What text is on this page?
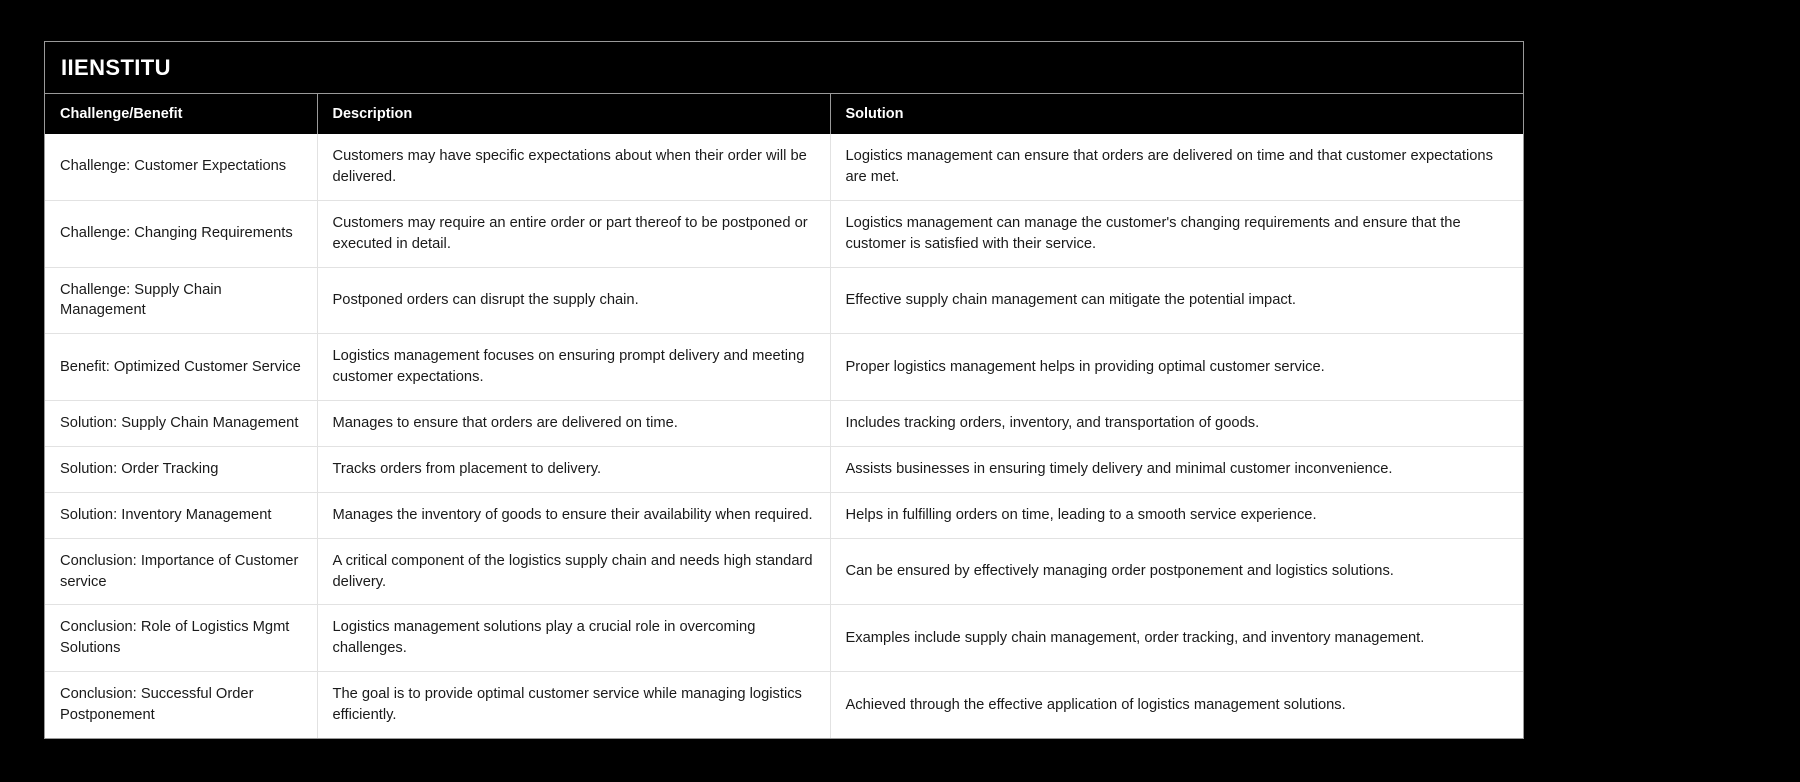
IIENSTITU
Challenge/Benefit	Description	Solution
Challenge: Customer Expectations	Customers may have specific expectations about when their order will be delivered.	Logistics management can ensure that orders are delivered on time and that customer expectations are met.
Challenge: Changing Requirements	Customers may require an entire order or part thereof to be postponed or executed in detail.	Logistics management can manage the customer's changing requirements and ensure that the customer is satisfied with their service.
Challenge: Supply Chain Management	Postponed orders can disrupt the supply chain.	Effective supply chain management can mitigate the potential impact.
Benefit: Optimized Customer Service	Logistics management focuses on ensuring prompt delivery and meeting customer expectations.	Proper logistics management helps in providing optimal customer service.
Solution: Supply Chain Management	Manages to ensure that orders are delivered on time.	Includes tracking orders, inventory, and transportation of goods.
Solution: Order Tracking	Tracks orders from placement to delivery.	Assists businesses in ensuring timely delivery and minimal customer inconvenience.
Solution: Inventory Management	Manages the inventory of goods to ensure their availability when required.	Helps in fulfilling orders on time, leading to a smooth service experience.
Conclusion: Importance of Customer service	A critical component of the logistics supply chain and needs high standard delivery.	Can be ensured by effectively managing order postponement and logistics solutions.
Conclusion: Role of Logistics Mgmt Solutions	Logistics management solutions play a crucial role in overcoming challenges.	Examples include supply chain management, order tracking, and inventory management.
Conclusion: Successful Order Postponement	The goal is to provide optimal customer service while managing logistics efficiently.	Achieved through the effective application of logistics management solutions.
